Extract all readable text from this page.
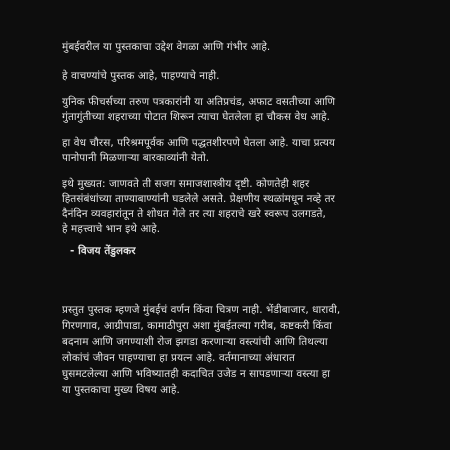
मुंबईवरील या पुस्तकाचा उद्देश वेगळा आणि गंभीर आहे.

हे वाचण्यांचे पुस्तक आहे, पाहण्याचे नाही.

युनिक फीचर्सच्या तरुण पत्रकारांनी या अतिप्रचंड, अफाट वसतीच्या आणि

गुंतागुंतीच्या शहराच्या पोटात शिरून त्याचा घेतलेला हा चौकस वेध आहे.

हा वेध चौरस, परिश्रमपूर्वक आणि पद्धतशीरपणे घेतला आहे. याचा प्रत्यय

पानोपानी मिळणाऱ्या बारकाव्यांनी येतो.

इथे मुख्यत: जाणवते ती सजग समाजशास्त्रीय दृष्टी. कोणतेही शहर

हितसंबंधांच्या ताण्याबाण्यांनी घडलेले असते. प्रेक्षणीय स्थळांमधून नव्हे तर

दैनंदिन व्यवहारांतून ते शोधत गेले तर त्या शहराचे खरे स्वरूप उलगडते,

हे महत्त्वाचे भान इथे आहे.

- विजय तेंडुलकर

प्रस्तुत पुस्तक म्हणजे मुंबईचं वर्णन किंवा चित्रण नाही. भेंडीबाजार, धारावी,

गिरणगाव, आग्रीपाडा, कामाठीपुरा अशा मुंबईतल्या गरीब, कष्टकरी किंवा

बदनाम आणि जगण्याशी रोज झगडा करणाऱ्या वस्त्यांची आणि तिथल्या

लोकांचं जीवन पाहण्याचा हा प्रयत्न आहे. वर्तमानाच्या अंधारात

घुसमटलेल्या आणि भविष्यातही कदाचित उजेड न सापडणाऱ्या वस्त्या हा

या पुस्तकाचा मुख्य विषय आहे.
